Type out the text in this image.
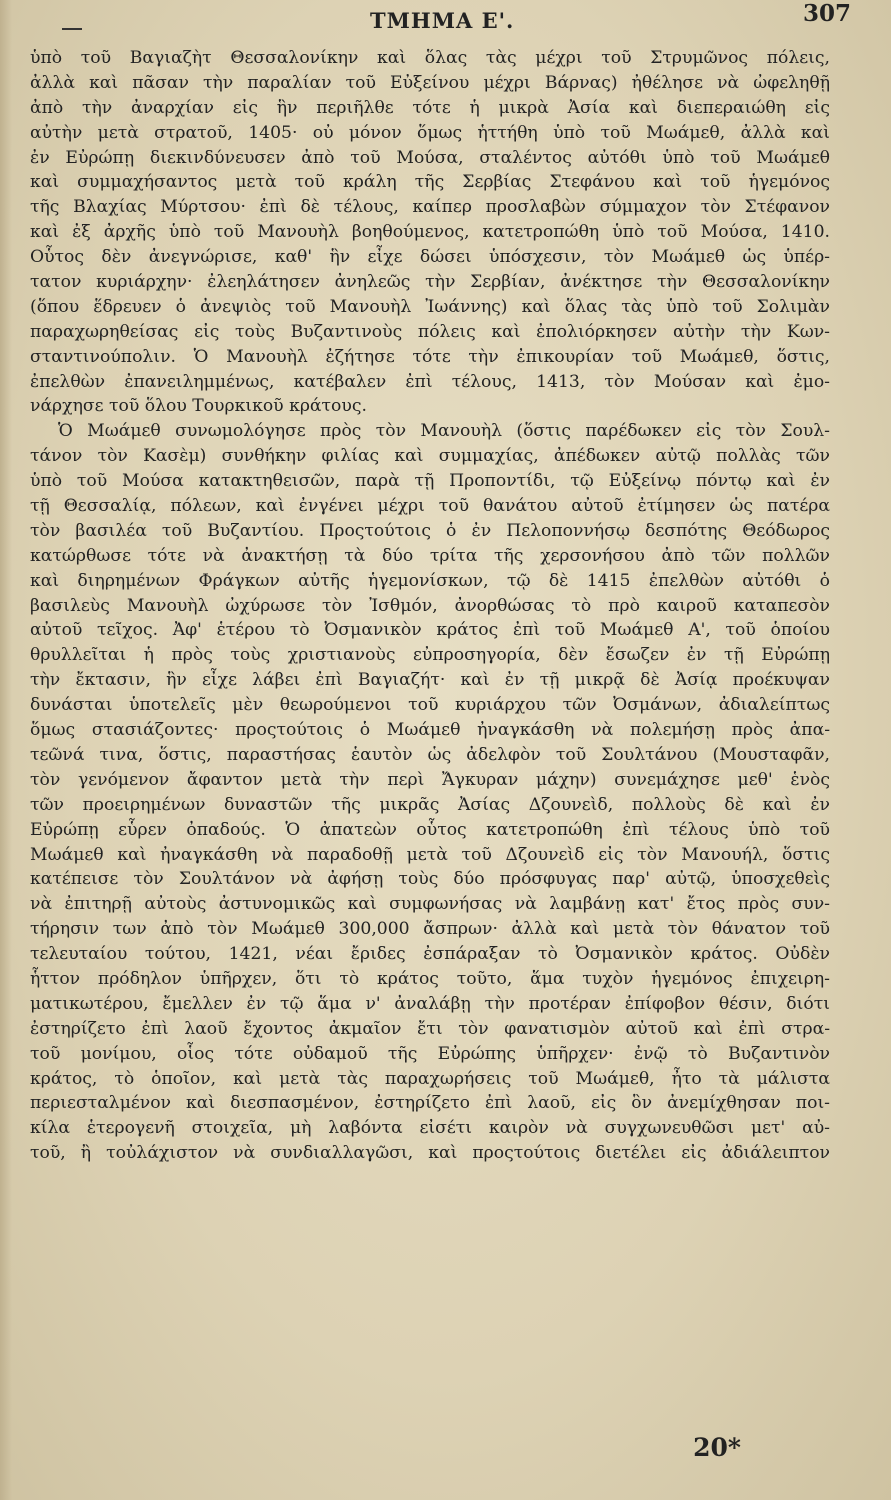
ΤΜΗΜΑ Ε'.	307
ὑπὸ τοῦ Βαγιαζὴτ Θεσσαλονίκην καὶ ὅλας τὰς μέχρι τοῦ Στρυμῶνος πόλεις,
ἀλλὰ καὶ πᾶσαν τὴν παραλίαν τοῦ Εὐξείνου μέχρι Βάρνας) ἠθέλησε νὰ ὠφεληθῇ
ἀπὸ τὴν ἀναρχίαν εἰς ἣν περιῆλθε τότε ἡ μικρὰ Ἀσία καὶ διεπεραιώθη εἰς
αὐτὴν μετὰ στρατοῦ, 1405· οὐ μόνον ὅμως ἡττήθη ὑπὸ τοῦ Μωάμεθ, ἀλλὰ καὶ
ἐν Εὐρώπῃ διεκινδύνευσεν ἀπὸ τοῦ Μούσα, σταλέντος αὐτόθι ὑπὸ τοῦ Μωάμεθ
καὶ συμμαχήσαντος μετὰ τοῦ κράλη τῆς Σερβίας Στεφάνου καὶ τοῦ ἡγεμόνος
τῆς Βλαχίας Μύρτσου· ἐπὶ δὲ τέλους, καίπερ προσλαβὼν σύμμαχον τὸν Στέφανον
καὶ ἐξ ἀρχῆς ὑπὸ τοῦ Μανουὴλ βοηθούμενος, κατετροπώθη ὑπὸ τοῦ Μούσα, 1410.
Οὗτος δὲν ἀνεγνώρισε, καθ' ἣν εἶχε δώσει ὑπόσχεσιν, τὸν Μωάμεθ ὡς ὑπέρ-
τατον κυριάρχην· ἐλεηλάτησεν ἀνηλεῶς τὴν Σερβίαν, ἀνέκτησε τὴν Θεσσαλονίκην
(ὅπου ἕδρευεν ὁ ἀνεψιὸς τοῦ Μανουὴλ Ἰωάννης) καὶ ὅλας τὰς ὑπὸ τοῦ Σολιμὰν
παραχωρηθείσας εἰς τοὺς Βυζαντινοὺς πόλεις καὶ ἐπολιόρκησεν αὐτὴν τὴν Κων-
σταντινούπολιν. Ὁ Μανουὴλ ἐζήτησε τότε τὴν ἐπικουρίαν τοῦ Μωάμεθ, ὅστις,
ἐπελθὼν ἐπανειλημμένως, κατέβαλεν ἐπὶ τέλους, 1413, τὸν Μούσαν καὶ ἐμο-
νάρχησε τοῦ ὅλου Τουρκικοῦ κράτους.
Ὁ Μωάμεθ συνωμολόγησε πρὸς τὸν Μανουὴλ (ὅστις παρέδωκεν εἰς τὸν Σουλ-
τάνον τὸν Κασὲμ) συνθήκην φιλίας καὶ συμμαχίας, ἀπέδωκεν αὐτῷ πολλὰς τῶν
ὑπὸ τοῦ Μούσα κατακτηθεισῶν, παρὰ τῇ Προποντίδι, τῷ Εὐξείνῳ πόντῳ καὶ ἐν
τῇ Θεσσαλίᾳ, πόλεων, καὶ ἐνγένει μέχρι τοῦ θανάτου αὐτοῦ ἐτίμησεν ὡς πατέρα
τὸν βασιλέα τοῦ Βυζαντίου. Προςτούτοις ὁ ἐν Πελοποννήσῳ δεσπότης Θεόδωρος
κατώρθωσε τότε νὰ ἀνακτήσῃ τὰ δύο τρίτα τῆς χερσονήσου ἀπὸ τῶν πολλῶν
καὶ διηρημένων Φράγκων αὐτῆς ἡγεμονίσκων, τῷ δὲ 1415 ἐπελθὼν αὐτόθι ὁ
βασιλεὺς Μανουὴλ ὠχύρωσε τὸν Ἰσθμόν, ἀνορθώσας τὸ πρὸ καιροῦ καταπεσὸν
αὐτοῦ τεῖχος. Ἀφ' ἑτέρου τὸ Ὀσμανικὸν κράτος ἐπὶ τοῦ Μωάμεθ Α', τοῦ ὁποίου
θρυλλεῖται ἡ πρὸς τοὺς χριστιανοὺς εὐπροσηγορία, δὲν ἔσωζεν ἐν τῇ Εὐρώπῃ
τὴν ἔκτασιν, ἣν εἶχε λάβει ἐπὶ Βαγιαζήτ· καὶ ἐν τῇ μικρᾷ δὲ Ἀσίᾳ προέκυψαν
δυνάσται ὑποτελεῖς μὲν θεωρούμενοι τοῦ κυριάρχου τῶν Ὀσμάνων, ἀδιαλείπτως
ὅμως στασιάζοντες· προςτούτοις ὁ Μωάμεθ ἠναγκάσθη νὰ πολεμήσῃ πρὸς ἀπα-
τεῶνά τινα, ὅστις, παραστήσας ἑαυτὸν ὡς ἀδελφὸν τοῦ Σουλτάνου (Μουσταφᾶν,
τὸν γενόμενον ἄφαντον μετὰ τὴν περὶ Ἄγκυραν μάχην) συνεμάχησε μεθ' ἑνὸς
τῶν προειρημένων δυναστῶν τῆς μικρᾶς Ἀσίας Δζουνεὶδ, πολλοὺς δὲ καὶ ἐν
Εὐρώπῃ εὗρεν ὀπαδούς. Ὁ ἀπατεὼν οὗτος κατετροπώθη ἐπὶ τέλους ὑπὸ τοῦ
Μωάμεθ καὶ ἠναγκάσθη νὰ παραδοθῇ μετὰ τοῦ Δζουνεὶδ εἰς τὸν Μανουήλ, ὅστις
κατέπεισε τὸν Σουλτάνον νὰ ἀφήσῃ τοὺς δύο πρόσφυγας παρ' αὐτῷ, ὑποσχεθεὶς
νὰ ἐπιτηρῇ αὐτοὺς ἀστυνομικῶς καὶ συμφωνήσας νὰ λαμβάνῃ κατ' ἔτος πρὸς συν-
τήρησιν των ἀπὸ τὸν Μωάμεθ 300,000 ἄσπρων· ἀλλὰ καὶ μετὰ τὸν θάνατον τοῦ
τελευταίου τούτου, 1421, νέαι ἔριδες ἐσπάραξαν τὸ Ὀσμανικὸν κράτος. Οὐδὲν
ἧττον πρόδηλον ὑπῆρχεν, ὅτι τὸ κράτος τοῦτο, ἅμα τυχὸν ἡγεμόνος ἐπιχειρη-
ματικωτέρου, ἔμελλεν ἐν τῷ ἅμα ν' ἀναλάβῃ τὴν προτέραν ἐπίφοβον θέσιν, διότι
ἐστηρίζετο ἐπὶ λαοῦ ἔχοντος ἀκμαῖον ἔτι τὸν φανατισμὸν αὐτοῦ καὶ ἐπὶ στρα-
τοῦ μονίμου, οἷος τότε οὐδαμοῦ τῆς Εὐρώπης ὑπῆρχεν· ἐνῷ τὸ Βυζαντινὸν
κράτος, τὸ ὁποῖον, καὶ μετὰ τὰς παραχωρήσεις τοῦ Μωάμεθ, ἦτο τὰ μάλιστα
περιεσταλμένον καὶ διεσπασμένον, ἐστηρίζετο ἐπὶ λαοῦ, εἰς ὃν ἀνεμίχθησαν ποι-
κίλα ἑτερογενῆ στοιχεῖα, μὴ λαβόντα εἰσέτι καιρὸν νὰ συγχωνευθῶσι μετ' αὐ-
τοῦ, ἢ τοὐλάχιστον νὰ συνδιαλλαγῶσι, καὶ προςτούτοις διετέλει εἰς ἀδιάλειπτον
20*
